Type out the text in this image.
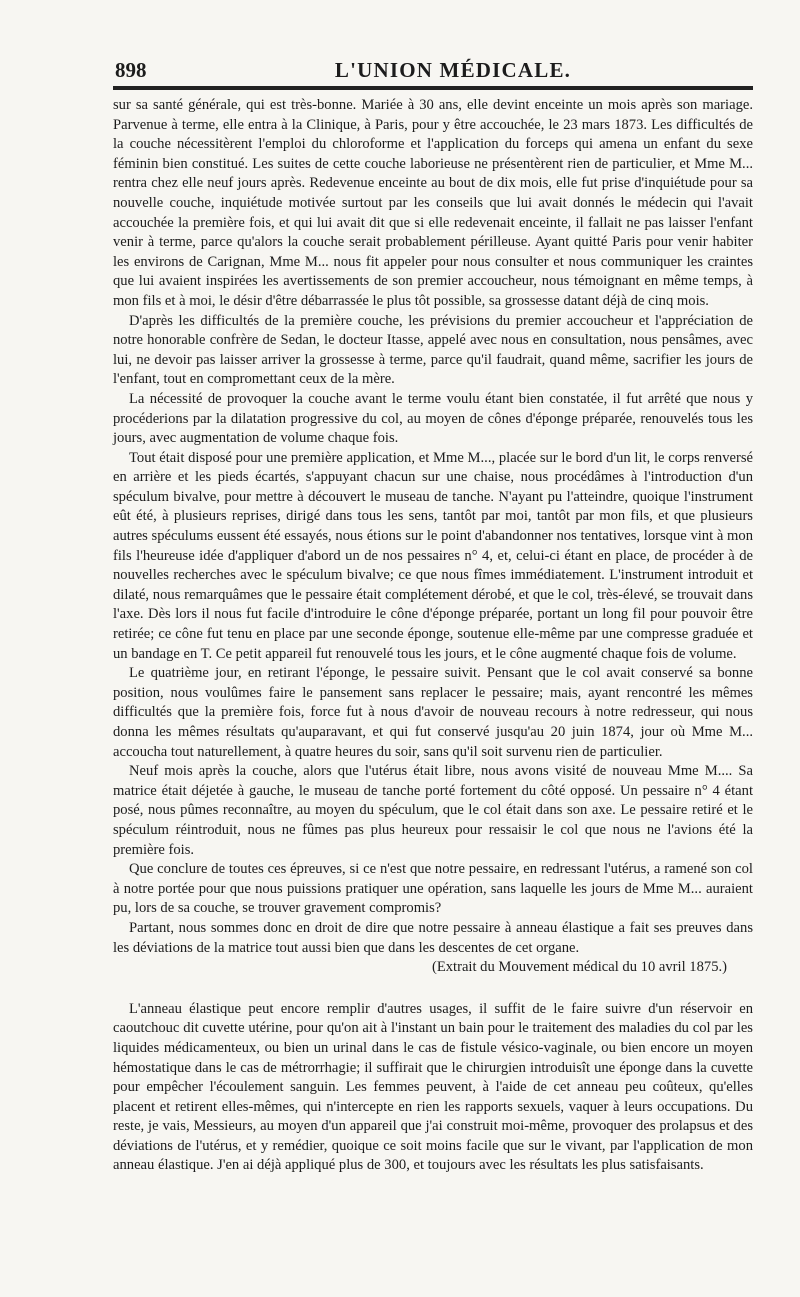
898	L'UNION MÉDICALE.

sur sa santé générale, qui est très-bonne. Mariée à 30 ans, elle devint enceinte un mois après son mariage. Parvenue à terme, elle entra à la Clinique, à Paris, pour y être accouchée, le 23 mars 1873. Les difficultés de la couche nécessitèrent l'emploi du chloroforme et l'application du forceps qui amena un enfant du sexe féminin bien constitué. Les suites de cette couche laborieuse ne présentèrent rien de particulier, et Mme M... rentra chez elle neuf jours après. Redevenue enceinte au bout de dix mois, elle fut prise d'inquiétude pour sa nouvelle couche, inquiétude motivée surtout par les conseils que lui avait donnés le médecin qui l'avait accouchée la première fois, et qui lui avait dit que si elle redevenait enceinte, il fallait ne pas laisser l'enfant venir à terme, parce qu'alors la couche serait probablement périlleuse. Ayant quitté Paris pour venir habiter les environs de Carignan, Mme M... nous fit appeler pour nous consulter et nous communiquer les craintes que lui avaient inspirées les avertissements de son premier accoucheur, nous témoignant en même temps, à mon fils et à moi, le désir d'être débarrassée le plus tôt possible, sa grossesse datant déjà de cinq mois.

D'après les difficultés de la première couche, les prévisions du premier accoucheur et l'appréciation de notre honorable confrère de Sedan, le docteur Itasse, appelé avec nous en consultation, nous pensâmes, avec lui, ne devoir pas laisser arriver la grossesse à terme, parce qu'il faudrait, quand même, sacrifier les jours de l'enfant, tout en compromettant ceux de la mère.

La nécessité de provoquer la couche avant le terme voulu étant bien constatée, il fut arrêté que nous y procéderions par la dilatation progressive du col, au moyen de cônes d'éponge préparée, renouvelés tous les jours, avec augmentation de volume chaque fois.

Tout était disposé pour une première application, et Mme M..., placée sur le bord d'un lit, le corps renversé en arrière et les pieds écartés, s'appuyant chacun sur une chaise, nous procédâmes à l'introduction d'un spéculum bivalve, pour mettre à découvert le museau de tanche. N'ayant pu l'atteindre, quoique l'instrument eût été, à plusieurs reprises, dirigé dans tous les sens, tantôt par moi, tantôt par mon fils, et que plusieurs autres spéculums eussent été essayés, nous étions sur le point d'abandonner nos tentatives, lorsque vint à mon fils l'heureuse idée d'appliquer d'abord un de nos pessaires n° 4, et, celui-ci étant en place, de procéder à de nouvelles recherches avec le spéculum bivalve; ce que nous fîmes immédiatement. L'instrument introduit et dilaté, nous remarquâmes que le pessaire était complétement dérobé, et que le col, très-élevé, se trouvait dans l'axe. Dès lors il nous fut facile d'introduire le cône d'éponge préparée, portant un long fil pour pouvoir être retirée; ce cône fut tenu en place par une seconde éponge, soutenue elle-même par une compresse graduée et un bandage en T. Ce petit appareil fut renouvelé tous les jours, et le cône augmenté chaque fois de volume.

Le quatrième jour, en retirant l'éponge, le pessaire suivit. Pensant que le col avait conservé sa bonne position, nous voulûmes faire le pansement sans replacer le pessaire; mais, ayant rencontré les mêmes difficultés que la première fois, force fut à nous d'avoir de nouveau recours à notre redresseur, qui nous donna les mêmes résultats qu'auparavant, et qui fut conservé jusqu'au 20 juin 1874, jour où Mme M... accoucha tout naturellement, à quatre heures du soir, sans qu'il soit survenu rien de particulier.

Neuf mois après la couche, alors que l'utérus était libre, nous avons visité de nouveau Mme M.... Sa matrice était déjetée à gauche, le museau de tanche porté fortement du côté opposé. Un pessaire n° 4 étant posé, nous pûmes reconnaître, au moyen du spéculum, que le col était dans son axe. Le pessaire retiré et le spéculum réintroduit, nous ne fûmes pas plus heureux pour ressaisir le col que nous ne l'avions été la première fois.

Que conclure de toutes ces épreuves, si ce n'est que notre pessaire, en redressant l'utérus, a ramené son col à notre portée pour que nous puissions pratiquer une opération, sans laquelle les jours de Mme M... auraient pu, lors de sa couche, se trouver gravement compromis?

Partant, nous sommes donc en droit de dire que notre pessaire à anneau élastique a fait ses preuves dans les déviations de la matrice tout aussi bien que dans les descentes de cet organe.

(Extrait du Mouvement médical du 10 avril 1875.)

L'anneau élastique peut encore remplir d'autres usages, il suffit de le faire suivre d'un réservoir en caoutchouc dit cuvette utérine, pour qu'on ait à l'instant un bain pour le traitement des maladies du col par les liquides médicamenteux, ou bien un urinal dans le cas de fistule vésico-vaginale, ou bien encore un moyen hémostatique dans le cas de métrorrhagie; il suffirait que le chirurgien introduisît une éponge dans la cuvette pour empêcher l'écoulement sanguin. Les femmes peuvent, à l'aide de cet anneau peu coûteux, qu'elles placent et retirent elles-mêmes, qui n'intercepte en rien les rapports sexuels, vaquer à leurs occupations. Du reste, je vais, Messieurs, au moyen d'un appareil que j'ai construit moi-même, provoquer des prolapsus et des déviations de l'utérus, et y remédier, quoique ce soit moins facile que sur le vivant, par l'application de mon anneau élastique. J'en ai déjà appliqué plus de 300, et toujours avec les résultats les plus satisfaisants.
